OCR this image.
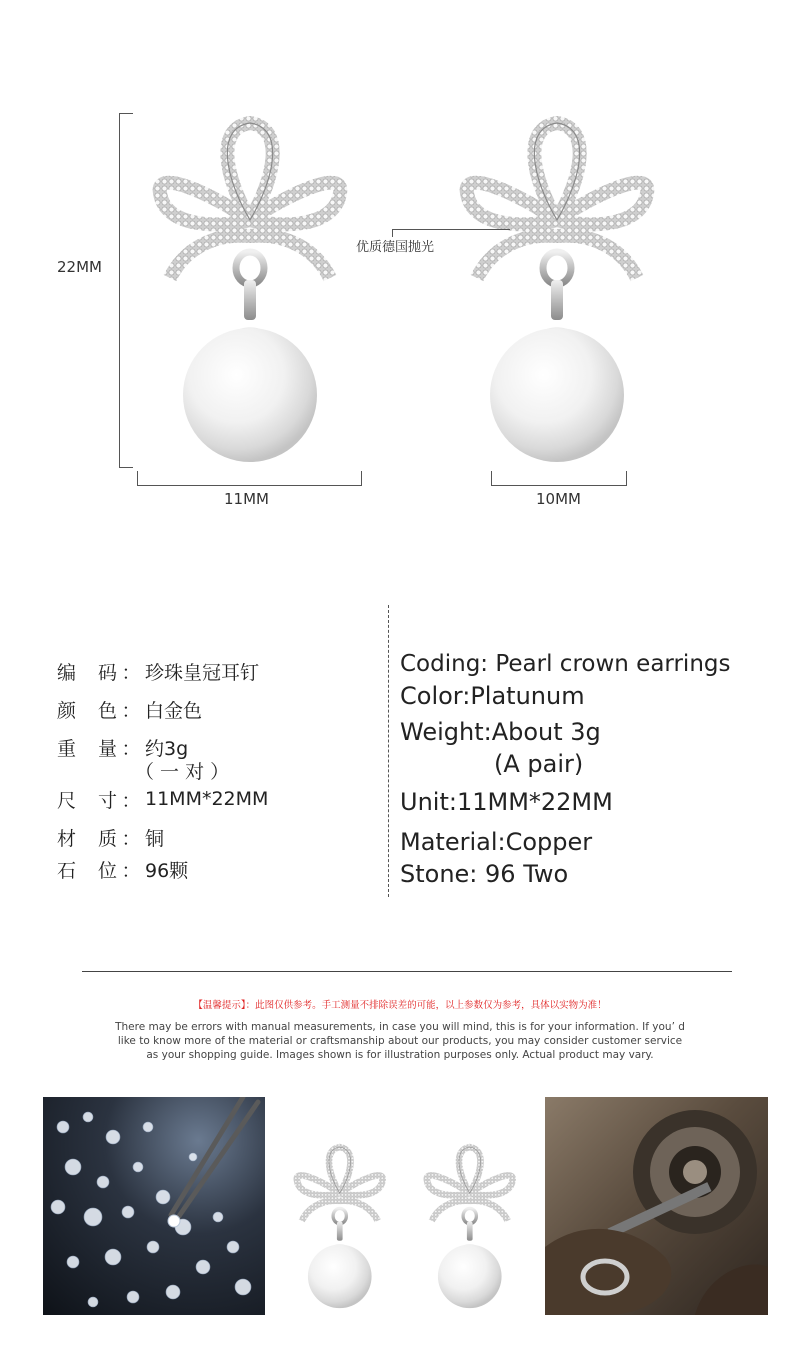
22MM
11MM	10MM
优质德国抛光
编 码 ： 珍珠皇冠耳钉
颜 色 ： 白金色
重 量 ： 约3g
（ 一 对 ）
尺 寸 ： 11MM*22MM
材 质 ： 铜
石 位 ： 96颗
Coding: Pearl crown earrings
Color:Platunum
Weight:About 3g
(A pair)
Unit:11MM*22MM
Material:Copper
Stone: 96 Two
【温馨提示】：此图仅供参考。手工测量不排除误差的可能，以上参数仅为参考，具体以实物为准！
There may be errors with manual measurements, in case you will mind, this is for your information. If you’ d
like to know more of the material or craftsmanship about our products, you may consider customer service
as your shopping guide. Images shown is for illustration purposes only. Actual product may vary.
